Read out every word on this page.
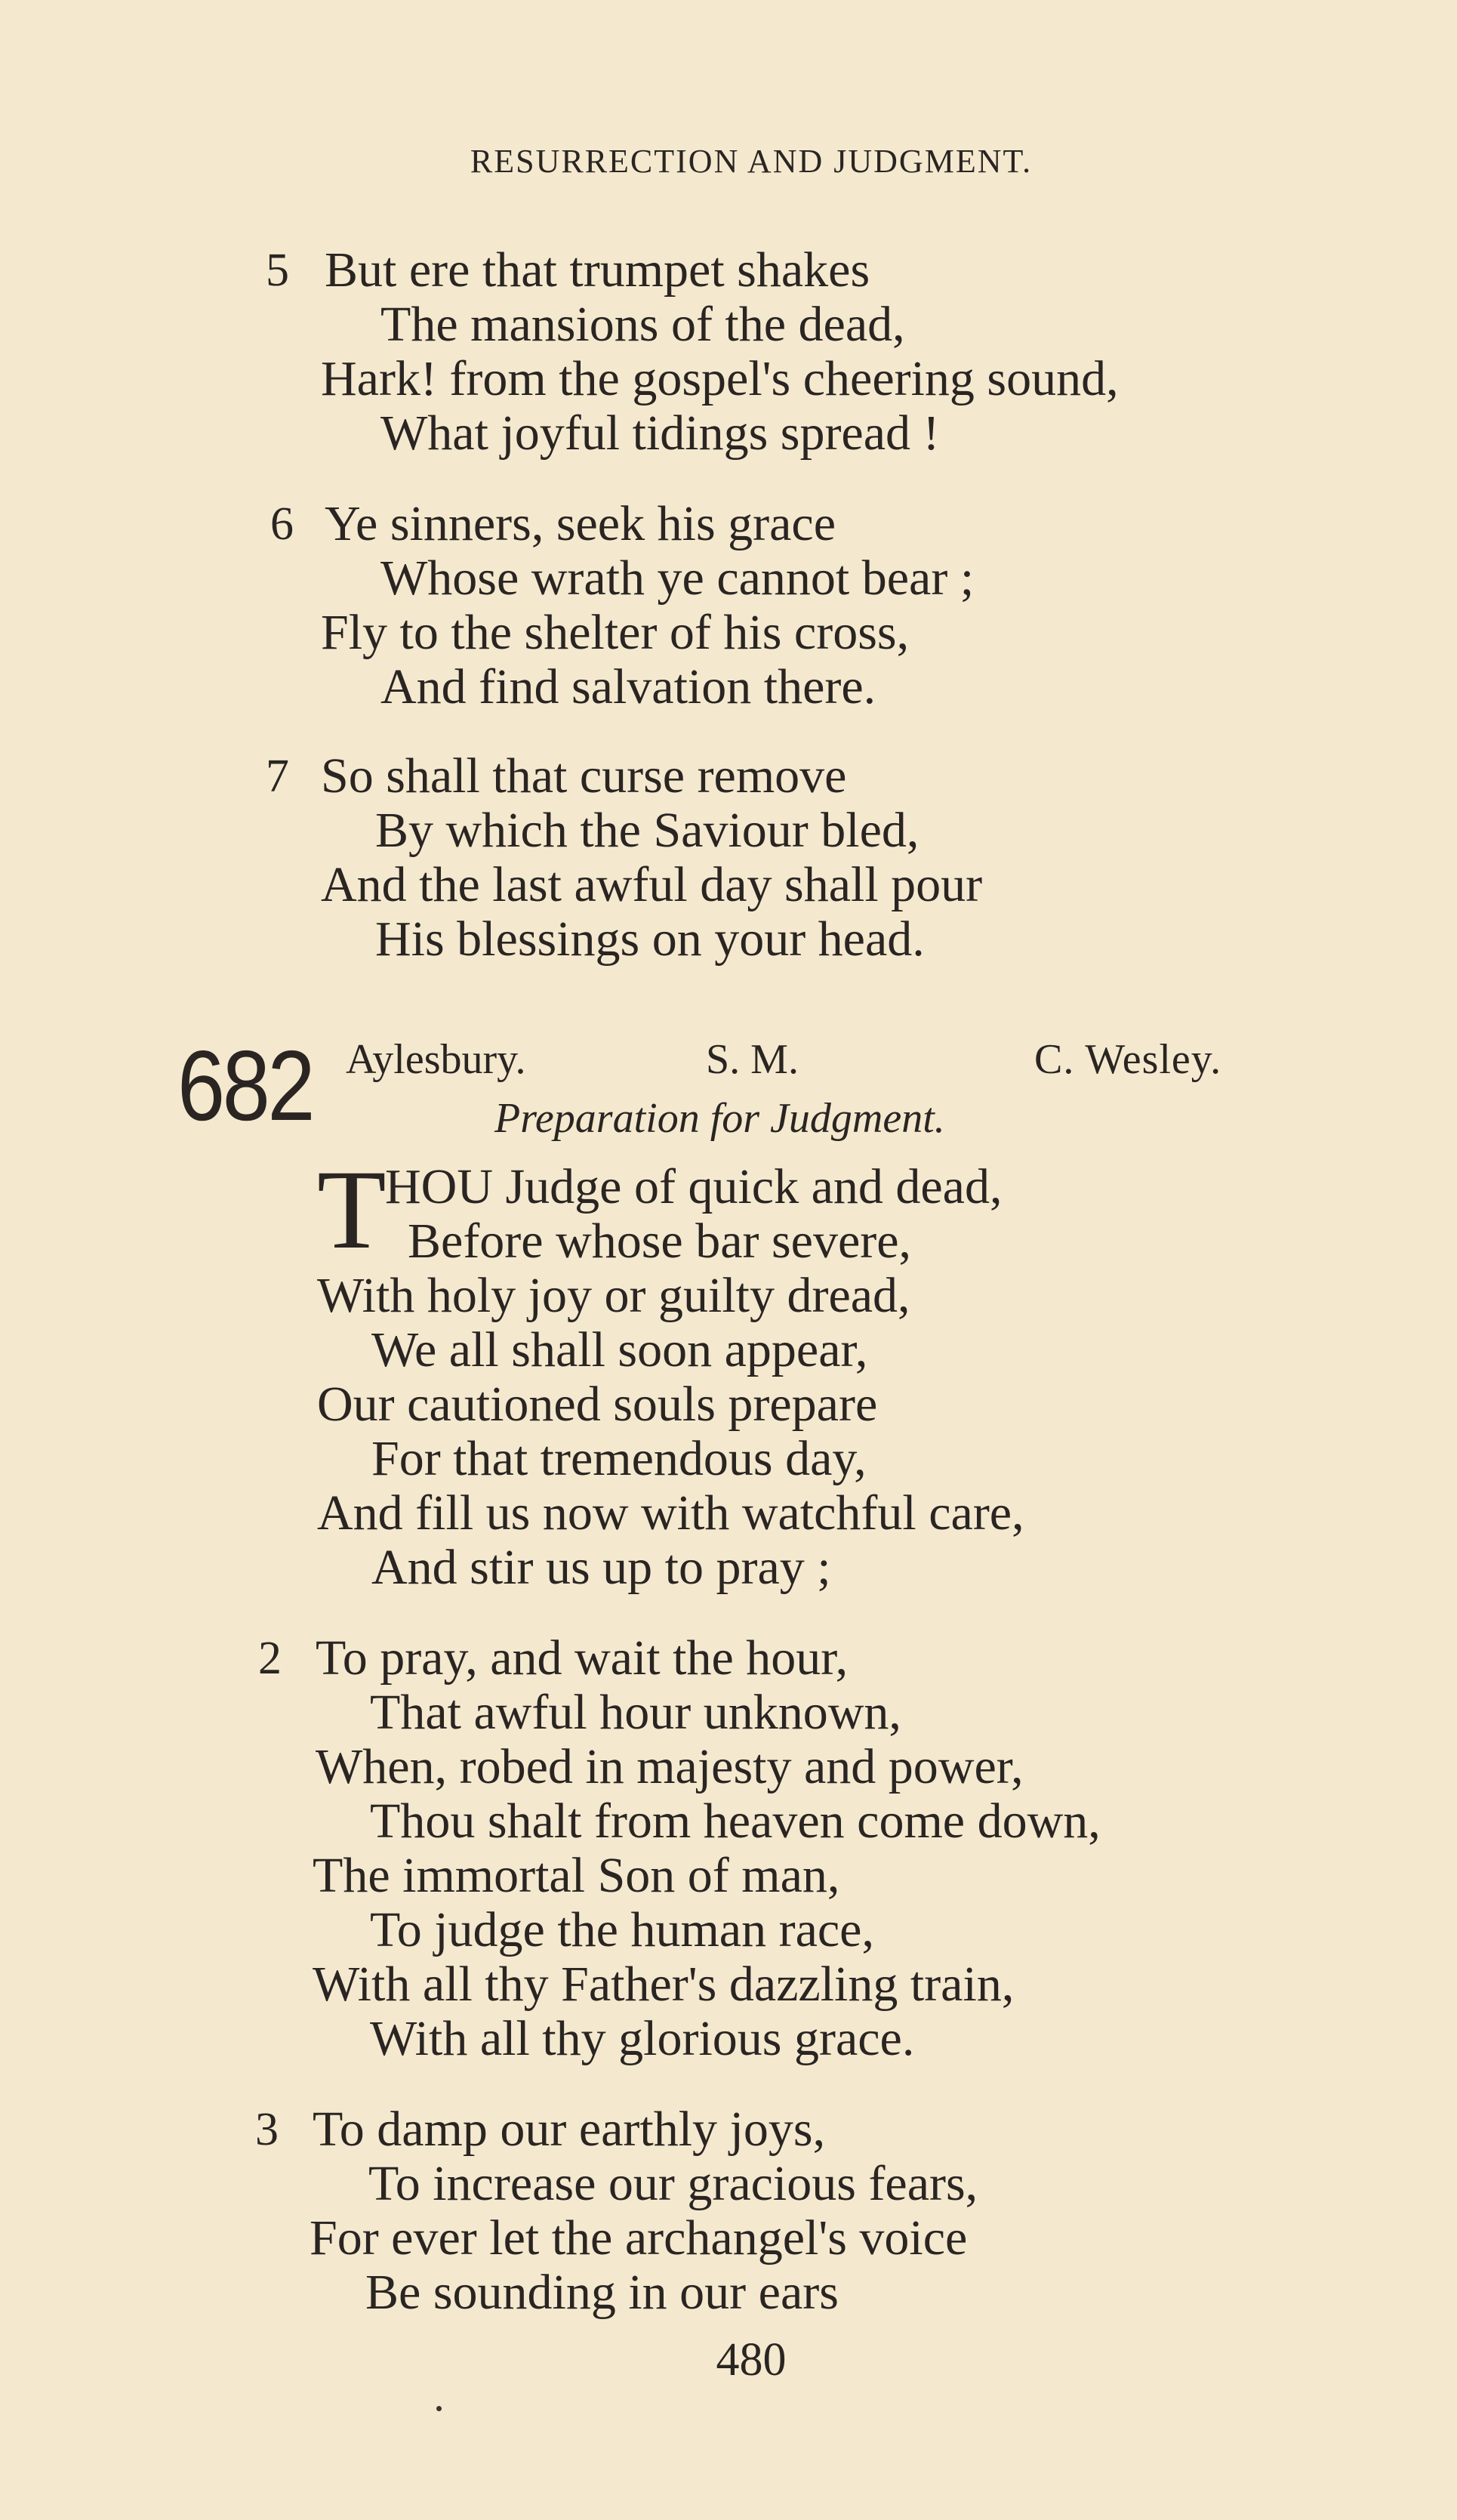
RESURRECTION AND JUDGMENT.
5 But ere that trumpet shakes
The mansions of the dead,
Hark! from the gospel's cheering sound,
What joyful tidings spread !
6 Ye sinners, seek his grace
Whose wrath ye cannot bear ;
Fly to the shelter of his cross,
And find salvation there.
7 So shall that curse remove
By which the Saviour bled,
And the last awful day shall pour
His blessings on your head.
682 Aylesbury.	S. M.	C. Wesley.
Preparation for Judgment.
T
HOU Judge of quick and dead,
Before whose bar severe,
With holy joy or guilty dread,
We all shall soon appear,
Our cautioned souls prepare
For that tremendous day,
And fill us now with watchful care,
And stir us up to pray ;
2 To pray, and wait the hour,
That awful hour unknown,
When, robed in majesty and power,
Thou shalt from heaven come down,
The immortal Son of man,
To judge the human race,
With all thy Father's dazzling train,
With all thy glorious grace.
3 To damp our earthly joys,
To increase our gracious fears,
For ever let the archangel's voice
Be sounding in our ears
480
